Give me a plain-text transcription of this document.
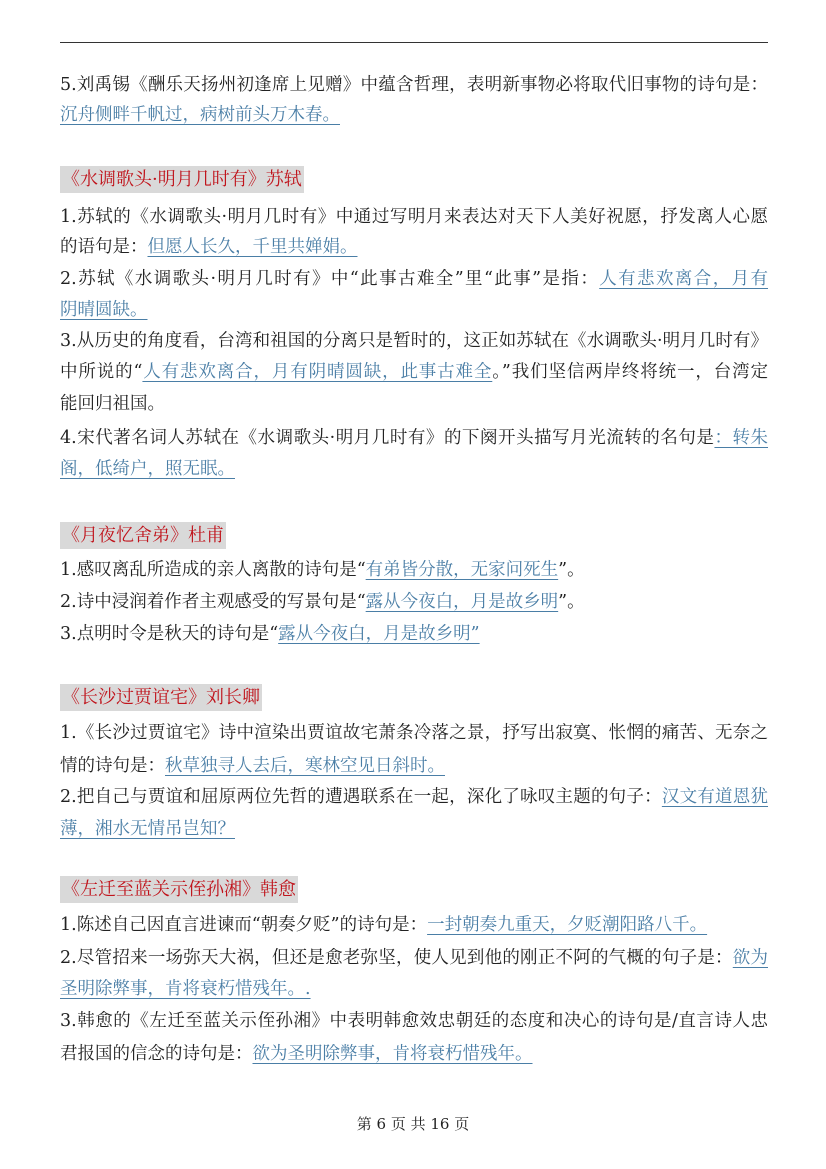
5.刘禹锡《酬乐天扬州初逢席上见赠》中蕴含哲理，表明新事物必将取代旧事物的诗句是：
沉舟侧畔千帆过，病树前头万木春。
《水调歌头·明月几时有》苏轼
1.苏轼的《水调歌头·明月几时有》中通过写明月来表达对天下人美好祝愿，抒发离人心愿
的语句是：但愿人长久，千里共婵娟。
2.苏轼《水调歌头·明月几时有》中“此事古难全”里“此事”是指：人有悲欢离合，月有
阴晴圆缺。
3.从历史的角度看，台湾和祖国的分离只是暂时的，这正如苏轼在《水调歌头·明月几时有》
中所说的“人有悲欢离合，月有阴晴圆缺，此事古难全。”我们坚信两岸终将统一，台湾定
能回归祖国。
4.宋代著名词人苏轼在《水调歌头·明月几时有》的下阕开头描写月光流转的名句是：转朱
阁，低绮户，照无眠。
《月夜忆舍弟》杜甫
1.感叹离乱所造成的亲人离散的诗句是“有弟皆分散，无家问死生”。
2.诗中浸润着作者主观感受的写景句是“露从今夜白，月是故乡明”。
3.点明时令是秋天的诗句是“露从今夜白，月是故乡明”
《长沙过贾谊宅》刘长卿
1.《长沙过贾谊宅》诗中渲染出贾谊故宅萧条冷落之景，抒写出寂寞、怅惘的痛苦、无奈之
情的诗句是：秋草独寻人去后，寒林空见日斜时。
2.把自己与贾谊和屈原两位先哲的遭遇联系在一起，深化了咏叹主题的句子：汉文有道恩犹
薄，湘水无情吊岂知？
《左迁至蓝关示侄孙湘》韩愈
1.陈述自己因直言进谏而“朝奏夕贬”的诗句是：一封朝奏九重天，夕贬潮阳路八千。
2.尽管招来一场弥天大祸，但还是愈老弥坚，使人见到他的刚正不阿的气概的句子是：欲为
圣明除弊事，肯将衰朽惜残年。.
3.韩愈的《左迁至蓝关示侄孙湘》中表明韩愈效忠朝廷的态度和决心的诗句是/直言诗人忠
君报国的信念的诗句是：欲为圣明除弊事，肯将衰朽惜残年。
第 6 页 共 16 页
